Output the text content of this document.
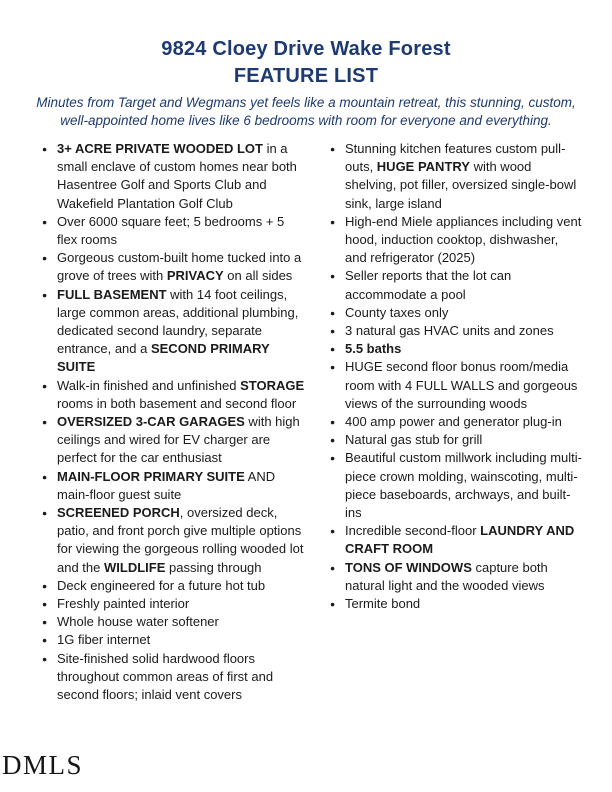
9824 Cloey Drive Wake Forest
FEATURE LIST
Minutes from Target and Wegmans yet feels like a mountain retreat, this stunning, custom, well-appointed home lives like 6 bedrooms with room for everyone and everything.
● 3+ ACRE PRIVATE WOODED LOT in a small enclave of custom homes near both Hasentree Golf and Sports Club and Wakefield Plantation Golf Club
● Over 6000 square feet; 5 bedrooms + 5 flex rooms
● Gorgeous custom-built home tucked into a grove of trees with PRIVACY on all sides
● FULL BASEMENT with 14 foot ceilings, large common areas, additional plumbing, dedicated second laundry, separate entrance, and a SECOND PRIMARY SUITE
● Walk-in finished and unfinished STORAGE rooms in both basement and second floor
● OVERSIZED 3-CAR GARAGES with high ceilings and wired for EV charger are perfect for the car enthusiast
● MAIN-FLOOR PRIMARY SUITE AND main-floor guest suite
● SCREENED PORCH, oversized deck, patio, and front porch give multiple options for viewing the gorgeous rolling wooded lot and the WILDLIFE passing through
● Deck engineered for a future hot tub
● Freshly painted interior
● Whole house water softener
● 1G fiber internet
● Site-finished solid hardwood floors throughout common areas of first and second floors; inlaid vent covers
● Stunning kitchen features custom pull-outs, HUGE PANTRY with wood shelving, pot filler, oversized single-bowl sink, large island
● High-end Miele appliances including vent hood, induction cooktop, dishwasher, and refrigerator (2025)
● Seller reports that the lot can accommodate a pool
● County taxes only
● 3 natural gas HVAC units and zones
● 5.5 baths
● HUGE second floor bonus room/media room with 4 FULL WALLS and gorgeous views of the surrounding woods
● 400 amp power and generator plug-in
● Natural gas stub for grill
● Beautiful custom millwork including multi-piece crown molding, wainscoting, multi-piece baseboards, archways, and built-ins
● Incredible second-floor LAUNDRY AND CRAFT ROOM
● TONS OF WINDOWS capture both natural light and the wooded views
● Termite bond
DMLS
